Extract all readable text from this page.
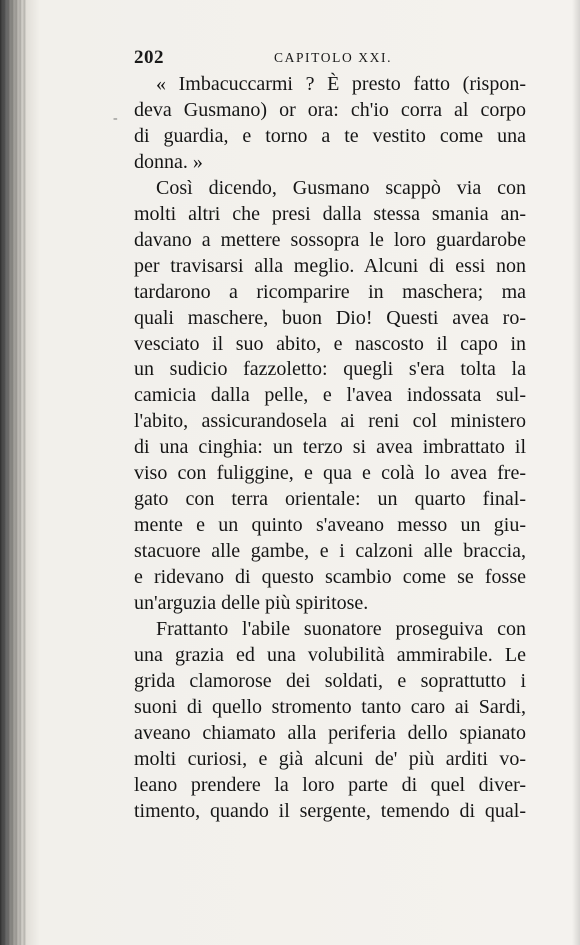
202	CAPITOLO XXI.
-
« Imbacuccarmi ? È presto fatto (rispon-
deva Gusmano) or ora: ch'io corra al corpo
di guardia, e torno a te vestito come una
donna. »
Così dicendo, Gusmano scappò via con
molti altri che presi dalla stessa smania an-
davano a mettere sossopra le loro guardarobe
per travisarsi alla meglio. Alcuni di essi non
tardarono a ricomparire in maschera; ma
quali maschere, buon Dio! Questi avea ro-
vesciato il suo abito, e nascosto il capo in
un sudicio fazzoletto: quegli s'era tolta la
camicia dalla pelle, e l'avea indossata sul-
l'abito, assicurandosela ai reni col ministero
di una cinghia: un terzo si avea imbrattato il
viso con fuliggine, e qua e colà lo avea fre-
gato con terra orientale: un quarto final-
mente e un quinto s'aveano messo un giu-
stacuore alle gambe, e i calzoni alle braccia,
e ridevano di questo scambio come se fosse
un'arguzia delle più spiritose.
Frattanto l'abile suonatore proseguiva con
una grazia ed una volubilità ammirabile. Le
grida clamorose dei soldati, e soprattutto i
suoni di quello stromento tanto caro ai Sardi,
aveano chiamato alla periferia dello spianato
molti curiosi, e già alcuni de' più arditi vo-
leano prendere la loro parte di quel diver-
timento, quando il sergente, temendo di qual-
